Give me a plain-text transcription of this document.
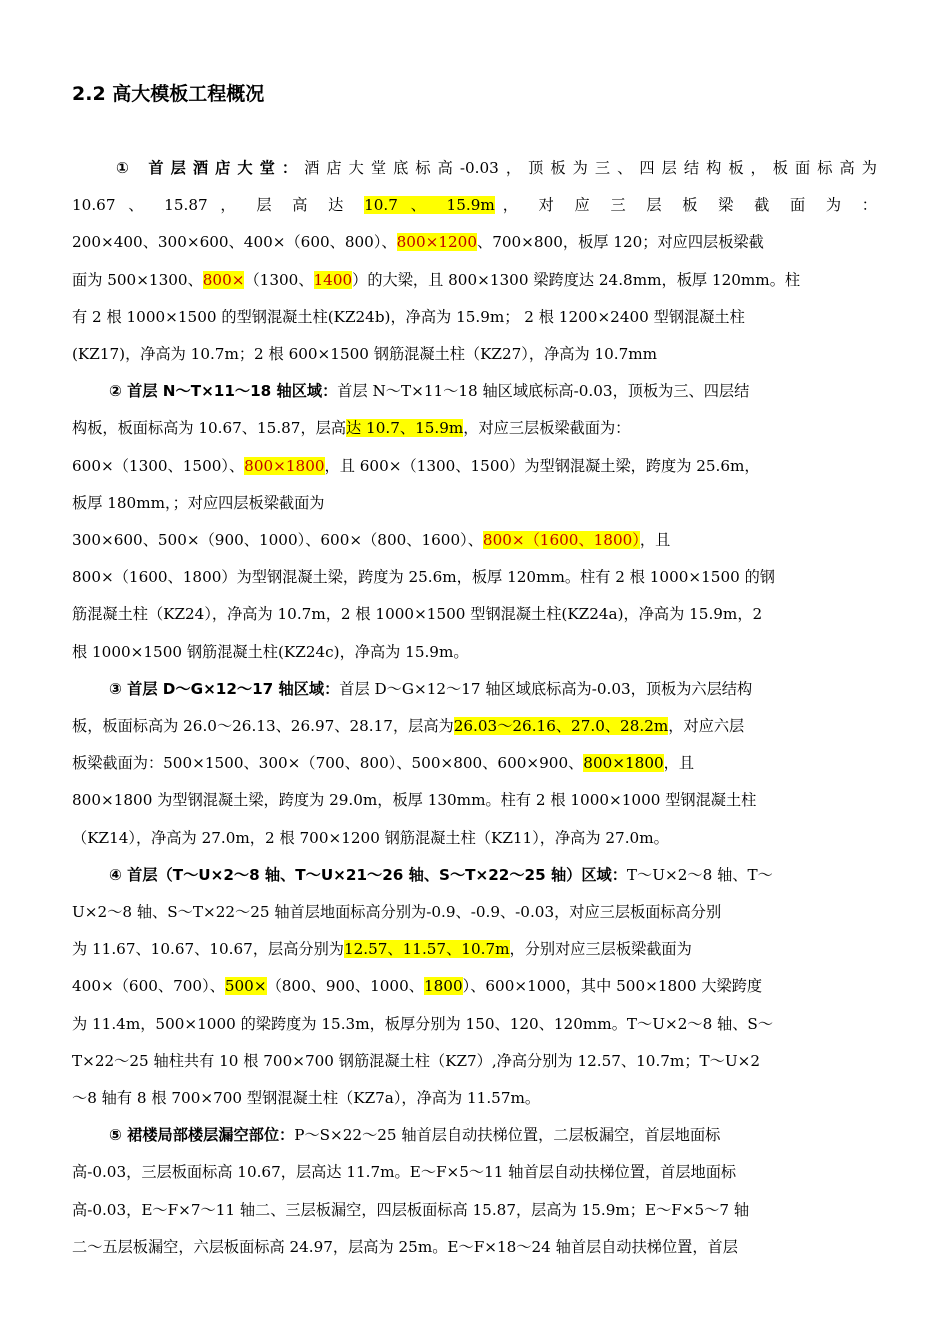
2.2 高大模板工程概况
① 首层酒店大堂：酒店大堂底标高-0.03，顶板为三、四层结构板，板面标高为
10.67 、 15.87 ， 层 高 达 10.7 、 15.9m， 对 应 三 层 板 梁 截 面 为 ：
200×400、300×600、400×（600、800）、800×1200、700×800，板厚 120；对应四层板梁截
面为 500×1300、800×（1300、1400）的大梁，且 800×1300 梁跨度达 24.8mm，板厚 120mm。柱
有 2 根 1000×1500 的型钢混凝土柱(KZ24b)，净高为 15.9m； 2 根 1200×2400 型钢混凝土柱
(KZ17)，净高为 10.7m；2 根 600×1500 钢筋混凝土柱（KZ27），净高为 10.7mm
② 首层 N～T×11～18 轴区域：首层 N～T×11～18 轴区域底标高-0.03，顶板为三、四层结
构板，板面标高为 10.67、15.87，层高达 10.7、15.9m，对应三层板梁截面为：
600×（1300、1500）、800×1800，且 600×（1300、1500）为型钢混凝土梁，跨度为 25.6m，
板厚 180mm，；对应四层板梁截面为
300×600、500×（900、1000）、600×（800、1600）、800×（1600、1800），且
800×（1600、1800）为型钢混凝土梁，跨度为 25.6m，板厚 120mm。柱有 2 根 1000×1500 的钢
筋混凝土柱（KZ24），净高为 10.7m，2 根 1000×1500 型钢混凝土柱(KZ24a)，净高为 15.9m，2
根 1000×1500 钢筋混凝土柱(KZ24c)，净高为 15.9m。
③ 首层 D～G×12～17 轴区域：首层 D～G×12～17 轴区域底标高为-0.03，顶板为六层结构
板，板面标高为 26.0～26.13、26.97、28.17，层高为26.03～26.16、27.0、28.2m，对应六层
板梁截面为：500×1500、300×（700、800）、500×800、600×900、800×1800，且
800×1800 为型钢混凝土梁，跨度为 29.0m，板厚 130mm。柱有 2 根 1000×1000 型钢混凝土柱
（KZ14），净高为 27.0m，2 根 700×1200 钢筋混凝土柱（KZ11），净高为 27.0m。
④ 首层（T～U×2～8 轴、T～U×21～26 轴、S～T×22～25 轴）区域：T～U×2～8 轴、T～
U×2～8 轴、S～T×22～25 轴首层地面标高分别为-0.9、-0.9、-0.03，对应三层板面标高分别
为 11.67、10.67、10.67，层高分别为12.57、11.57、10.7m，分别对应三层板梁截面为
400×（600、700）、500×（800、900、1000、1800）、600×1000，其中 500×1800 大梁跨度
为 11.4m，500×1000 的梁跨度为 15.3m，板厚分别为 150、120、120mm。T～U×2～8 轴、S～
T×22～25 轴柱共有 10 根 700×700 钢筋混凝土柱（KZ7）,净高分别为 12.57、10.7m；T～U×2
～8 轴有 8 根 700×700 型钢混凝土柱（KZ7a），净高为 11.57m。
⑤ 裙楼局部楼层漏空部位：P～S×22～25 轴首层自动扶梯位置，二层板漏空，首层地面标
高-0.03，三层板面标高 10.67，层高达 11.7m。E～F×5～11 轴首层自动扶梯位置，首层地面标
高-0.03，E～F×7～11 轴二、三层板漏空，四层板面标高 15.87，层高为 15.9m；E～F×5～7 轴
二～五层板漏空，六层板面标高 24.97，层高为 25m。E～F×18～24 轴首层自动扶梯位置，首层
